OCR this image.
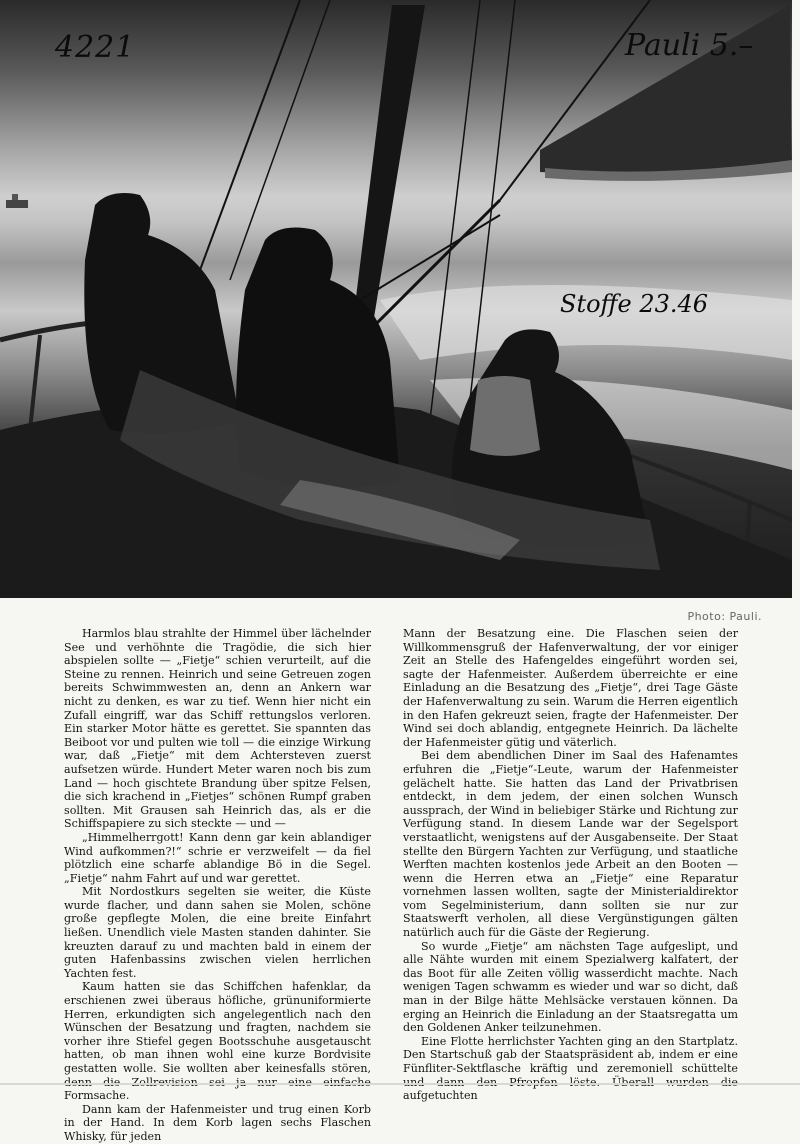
4221	Pauli 5.–
Stoffe 23.46
Photo: Pauli.

Harmlos blau strahlte der Himmel über lächelnder See und verhöhnte die Tragödie, die sich hier abspielen sollte — „Fietje“ schien verurteilt, auf die Steine zu rennen. Heinrich und seine Getreuen zogen bereits Schwimmwesten an, denn an Ankern war nicht zu denken, es war zu tief. Wenn hier nicht ein Zufall eingriff, war das Schiff rettungslos verloren. Ein starker Motor hätte es gerettet. Sie spannten das Beiboot vor und pulten wie toll — die einzige Wirkung war, daß „Fietje“ mit dem Achtersteven zuerst aufsetzen würde. Hundert Meter waren noch bis zum Land — hoch gischtete Brandung über spitze Felsen, die sich krachend in „Fietjes“ schönen Rumpf graben sollten. Mit Grausen sah Heinrich das, als er die Schiffspapiere zu sich steckte — und —

„Himmelherrgott! Kann denn gar kein ablandiger Wind aufkommen?!“ schrie er verzweifelt — da fiel plötzlich eine scharfe ablandige Bö in die Segel. „Fietje“ nahm Fahrt auf und war gerettet.

Mit Nordostkurs segelten sie weiter, die Küste wurde flacher, und dann sahen sie Molen, schöne große gepflegte Molen, die eine breite Einfahrt ließen. Unendlich viele Masten standen dahinter. Sie kreuzten darauf zu und machten bald in einem der guten Hafenbassins zwischen vielen herrlichen Yachten fest.

Kaum hatten sie das Schiffchen hafenklar, da erschienen zwei überaus höfliche, grünuniformierte Herren, erkundigten sich angelegentlich nach den Wünschen der Besatzung und fragten, nachdem sie vorher ihre Stiefel gegen Bootsschuhe ausgetauscht hatten, ob man ihnen wohl eine kurze Bordvisite gestatten wolle. Sie wollten aber keinesfalls stören, Formsache.

Dann kam der Hafenmeister und trug einen Korb in der Hand. In dem Korb lagen sechs Flaschen Whisky, für jeden

Mann der Besatzung eine. Die Flaschen seien der Willkommensgruß der Hafenverwaltung, der vor einiger Zeit an Stelle des Hafengeldes eingeführt worden sei, sagte der Hafenmeister. Außerdem überreichte er eine Einladung an die Besatzung des „Fietje“, drei Tage Gäste der Hafenverwaltung zu sein. Warum die Herren eigentlich in den Hafen gekreuzt seien, fragte der Hafenmeister. Der Wind sei doch ablandig, entgegnete Heinrich. Da lächelte der Hafenmeister gütig und väterlich.

Bei dem abendlichen Diner im Saal des Hafenamtes erfuhren die „Fietje“-Leute, warum der Hafenmeister gelächelt hatte. Sie hatten das Land der Privatbrisen entdeckt, in dem jedem, der einen solchen Wunsch aussprach, der Wind in beliebiger Stärke und Richtung zur Verfügung stand. In diesem Lande war der Segelsport verstaatlicht, wenigstens auf der Ausgabenseite. Der Staat stellte den Bürgern Yachten zur Verfügung, und staatliche Werften machten kostenlos jede Arbeit an den Booten — wenn die Herren etwa an „Fietje“ eine Reparatur vornehmen lassen wollten, sagte der Ministerialdirektor vom Segelministerium, dann sollten sie nur zur Staatswerft verholen, all diese Vergünstigungen gälten natürlich auch für die Gäste der Regierung.

So wurde „Fietje“ am nächsten Tage aufgeslipt, und alle Nähte wurden mit einem Spezialwerg kalfatert, der das Boot für alle Zeiten völlig wasserdicht machte. Nach wenigen Tagen schwamm es wieder und war so dicht, daß man in der Bilge hätte Mehlsäcke verstauen können. Da erging an Heinrich die Einladung an der Staatsregatta um den Goldenen Anker teilzunehmen.

Eine Flotte herrlichster Yachten ging an den Startplatz. Den Startschuß gab der Staatspräsident ab, indem er eine Fünfliter-Sektflasche kräftig und zeremoniell schüttelte aufgetuchten
